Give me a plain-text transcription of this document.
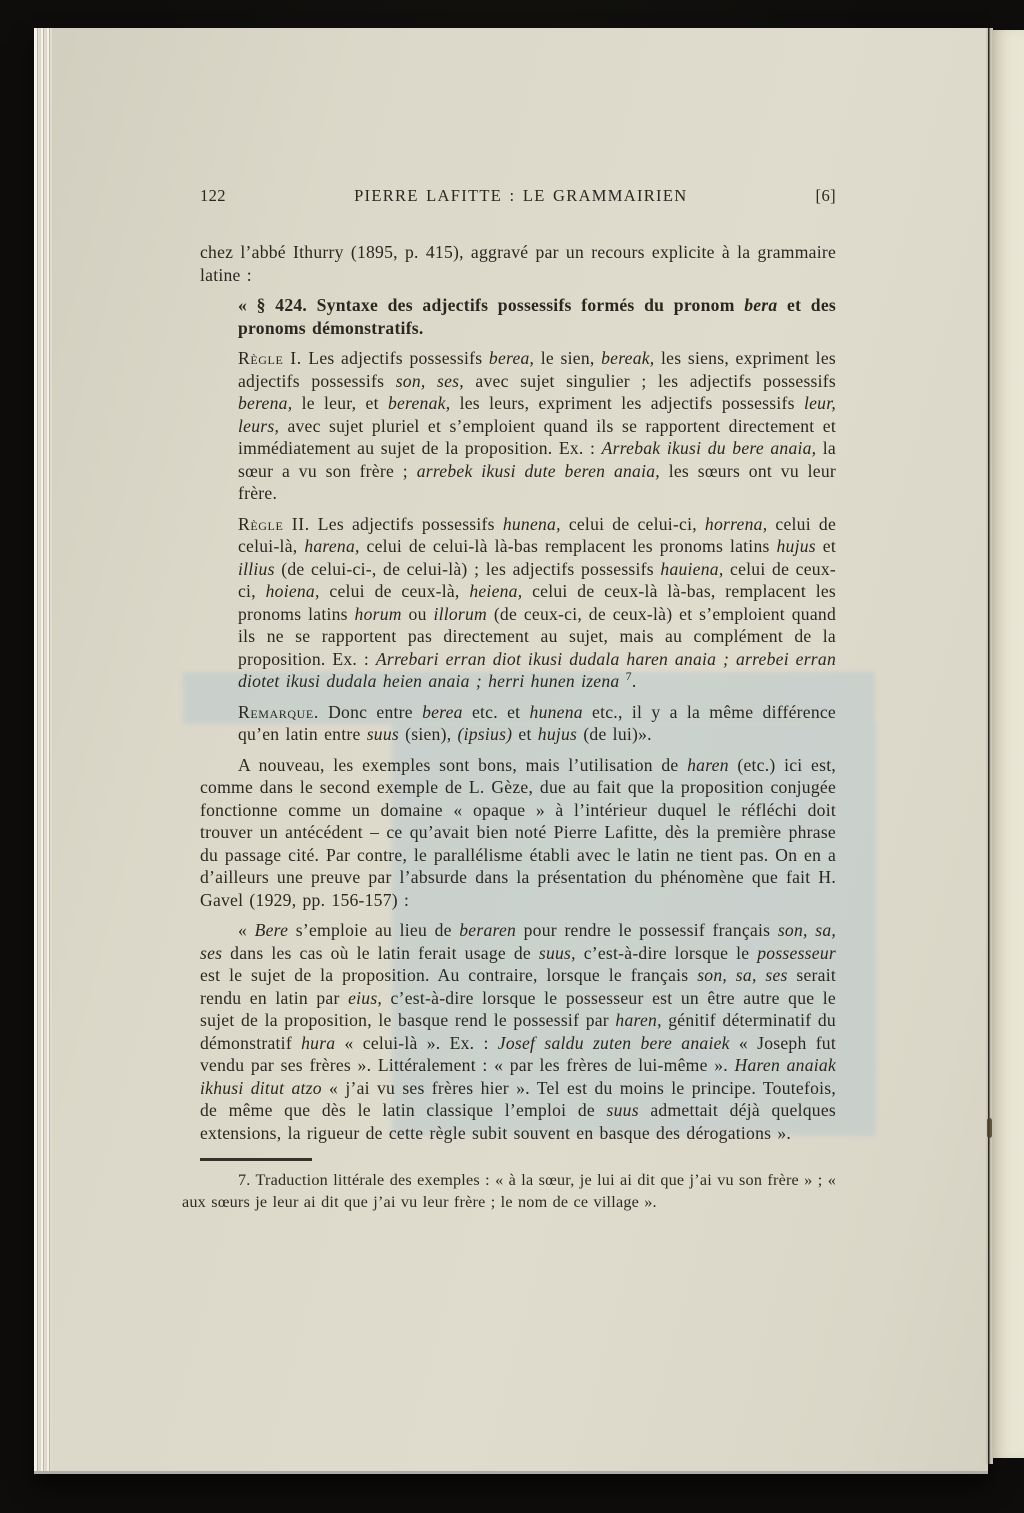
122	PIERRE LAFITTE : LE GRAMMAIRIEN	[6]

chez l’abbé Ithurry (1895, p. 415), aggravé par un recours explicite à la grammaire latine :

« § 424. Syntaxe des adjectifs possessifs formés du pronom bera et des pronoms démonstratifs.

Règle I. Les adjectifs possessifs berea, le sien, bereak, les siens, expriment les adjectifs possessifs son, ses, avec sujet singulier ; les adjectifs possessifs berena, le leur, et berenak, les leurs, expriment les adjectifs possessifs leur, leurs, avec sujet pluriel et s’emploient quand ils se rapportent directement et immédiatement au sujet de la proposition. Ex. : Arrebak ikusi du bere anaia, la sœur a vu son frère ; arrebek ikusi dute beren anaia, les sœurs ont vu leur frère.

Règle II. Les adjectifs possessifs hunena, celui de celui-ci, horrena, celui de celui-là, harena, celui de celui-là là-bas remplacent les pronoms latins hujus et illius (de celui-ci-, de celui-là) ; les adjectifs possessifs hauiena, celui de ceux-ci, hoiena, celui de ceux-là, heiena, celui de ceux-là là-bas, remplacent les pronoms latins horum ou illorum (de ceux-ci, de ceux-là) et s’emploient quand ils ne se rapportent pas directement au sujet, mais au complément de la proposition. Ex. : Arrebari erran diot ikusi dudala haren anaia ; arrebei erran diotet ikusi dudala heien anaia ; herri hunen izena $^7$.

Remarque. Donc entre berea etc. et hunena etc., il y a la même différence qu’en latin entre suus (sien), (ipsius) et hujus (de lui)».

A nouveau, les exemples sont bons, mais l’utilisation de haren (etc.) ici est, comme dans le second exemple de L. Gèze, due au fait que la proposition conjugée fonctionne comme un domaine « opaque » à l’intérieur duquel le réfléchi doit trouver un antécédent – ce qu’avait bien noté Pierre Lafitte, dès la première phrase du passage cité. Par contre, le parallélisme établi avec le latin ne tient pas. On en a d’ailleurs une preuve par l’absurde dans la présentation du phénomène que fait H. Gavel (1929, pp. 156-157) :

« Bere s’emploie au lieu de beraren pour rendre le possessif français son, sa, ses dans les cas où le latin ferait usage de suus, c’est-à-dire lorsque le possesseur est le sujet de la proposition. Au contraire, lorsque le français son, sa, ses serait rendu en latin par eius, c’est-à-dire lorsque le possesseur est un être autre que le sujet de la proposition, le basque rend le possessif par haren, génitif déterminatif du démonstratif hura « celui-là ». Ex. : Josef saldu zuten bere anaiek « Joseph fut vendu par ses frères ». Littéralement : « par les frères de lui-même ». Haren anaiak ikhusi ditut atzo « j’ai vu ses frères hier ». Tel est du moins le principe. Toutefois, de même que dès le latin classique l’emploi de suus admettait déjà quelques extensions, la rigueur de cette règle subit souvent en basque des dérogations ».

7. Traduction littérale des exemples : « à la sœur, je lui ai dit que j’ai vu son frère » ; « aux sœurs je leur ai dit que j’ai vu leur frère ; le nom de ce village ».
